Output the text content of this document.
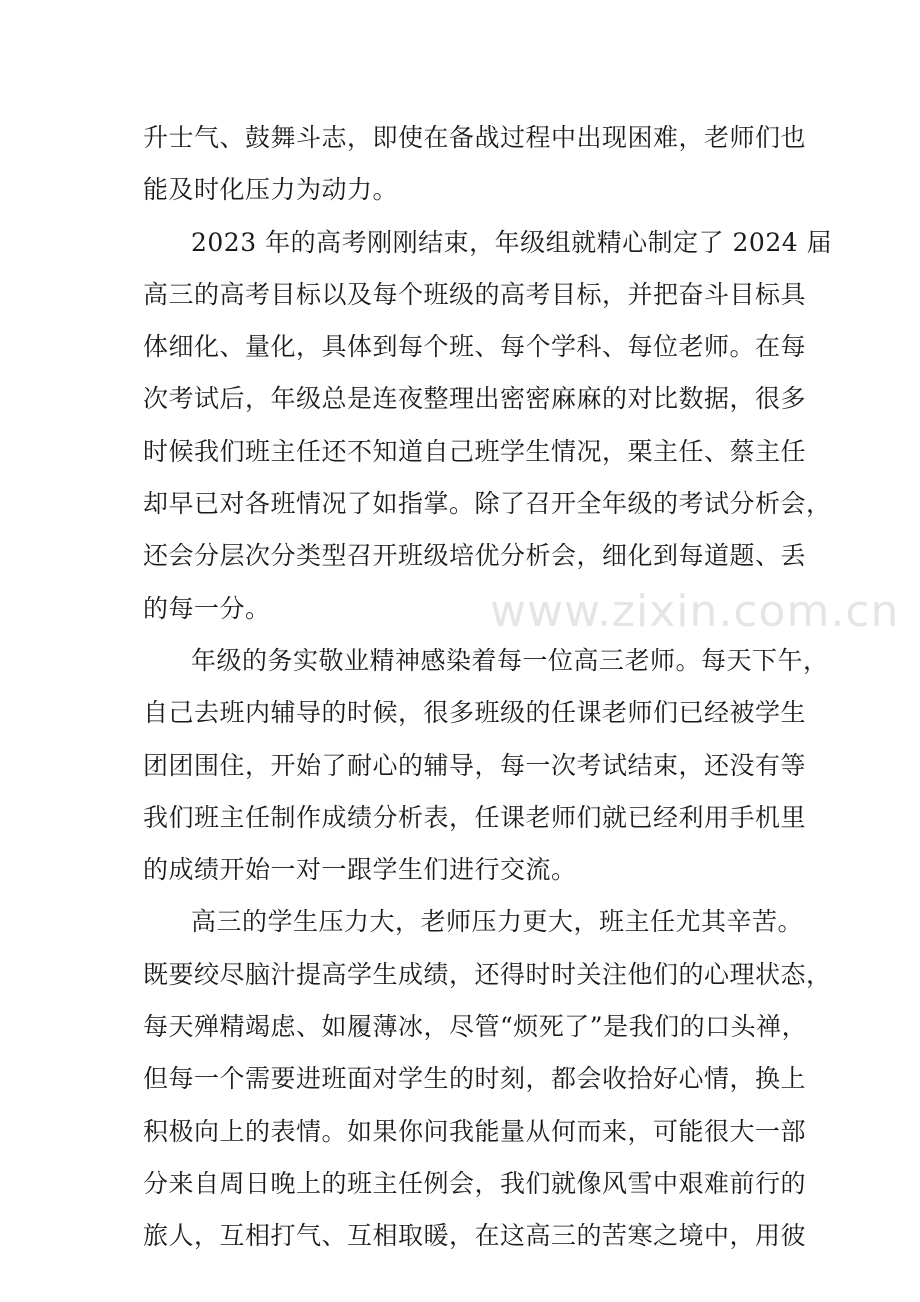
升士气、鼓舞斗志，即使在备战过程中出现困难，老师们也
能及时化压力为动力。
2023 年的高考刚刚结束，年级组就精心制定了 2024 届
高三的高考目标以及每个班级的高考目标，并把奋斗目标具
体细化、量化，具体到每个班、每个学科、每位老师。在每
次考试后，年级总是连夜整理出密密麻麻的对比数据，很多
时候我们班主任还不知道自己班学生情况，栗主任、蔡主任
却早已对各班情况了如指掌。除了召开全年级的考试分析会，
还会分层次分类型召开班级培优分析会，细化到每道题、丢
的每一分。
年级的务实敬业精神感染着每一位高三老师。每天下午，
自己去班内辅导的时候，很多班级的任课老师们已经被学生
团团围住，开始了耐心的辅导，每一次考试结束，还没有等
我们班主任制作成绩分析表，任课老师们就已经利用手机里
的成绩开始一对一跟学生们进行交流。
高三的学生压力大，老师压力更大，班主任尤其辛苦。
既要绞尽脑汁提高学生成绩，还得时时关注他们的心理状态，
每天殚精竭虑、如履薄冰，尽管“烦死了”是我们的口头禅，
但每一个需要进班面对学生的时刻，都会收拾好心情，换上
积极向上的表情。如果你问我能量从何而来，可能很大一部
分来自周日晚上的班主任例会，我们就像风雪中艰难前行的
旅人，互相打气、互相取暖，在这高三的苦寒之境中，用彼
www.zixin.com.cn
